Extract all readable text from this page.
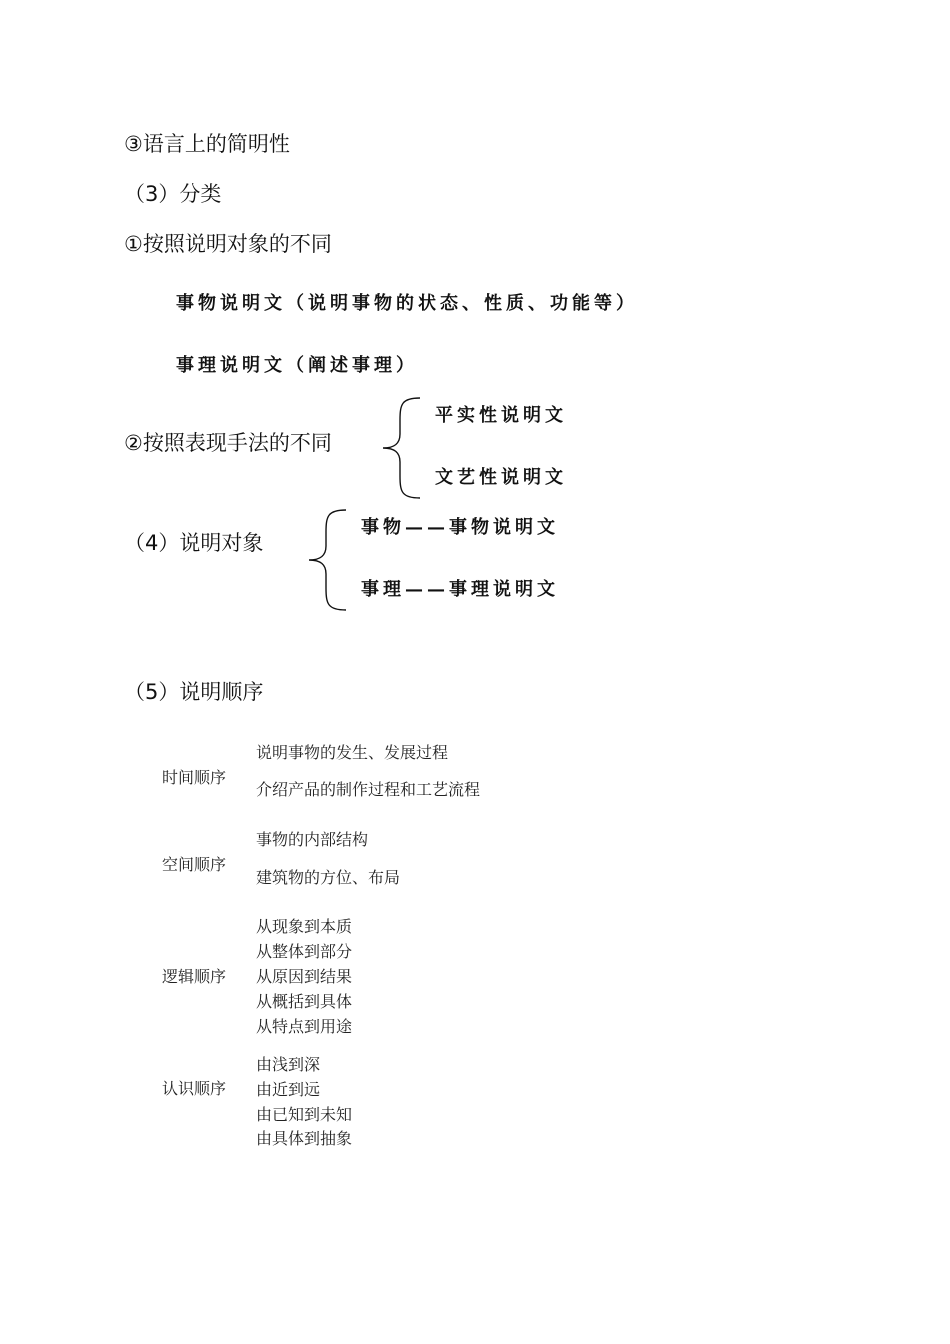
③语言上的简明性
（3）分类
①按照说明对象的不同
事物说明文（说明事物的状态、性质、功能等）
事理说明文（阐述事理）
②按照表现手法的不同
平实性说明文
文艺性说明文
（4）说明对象
事物——事物说明文
事理——事理说明文
（5）说明顺序
时间顺序
说明事物的发生、发展过程
介绍产品的制作过程和工艺流程
空间顺序
事物的内部结构
建筑物的方位、布局
逻辑顺序
从现象到本质
从整体到部分
从原因到结果
从概括到具体
从特点到用途
认识顺序
由浅到深
由近到远
由已知到未知
由具体到抽象
